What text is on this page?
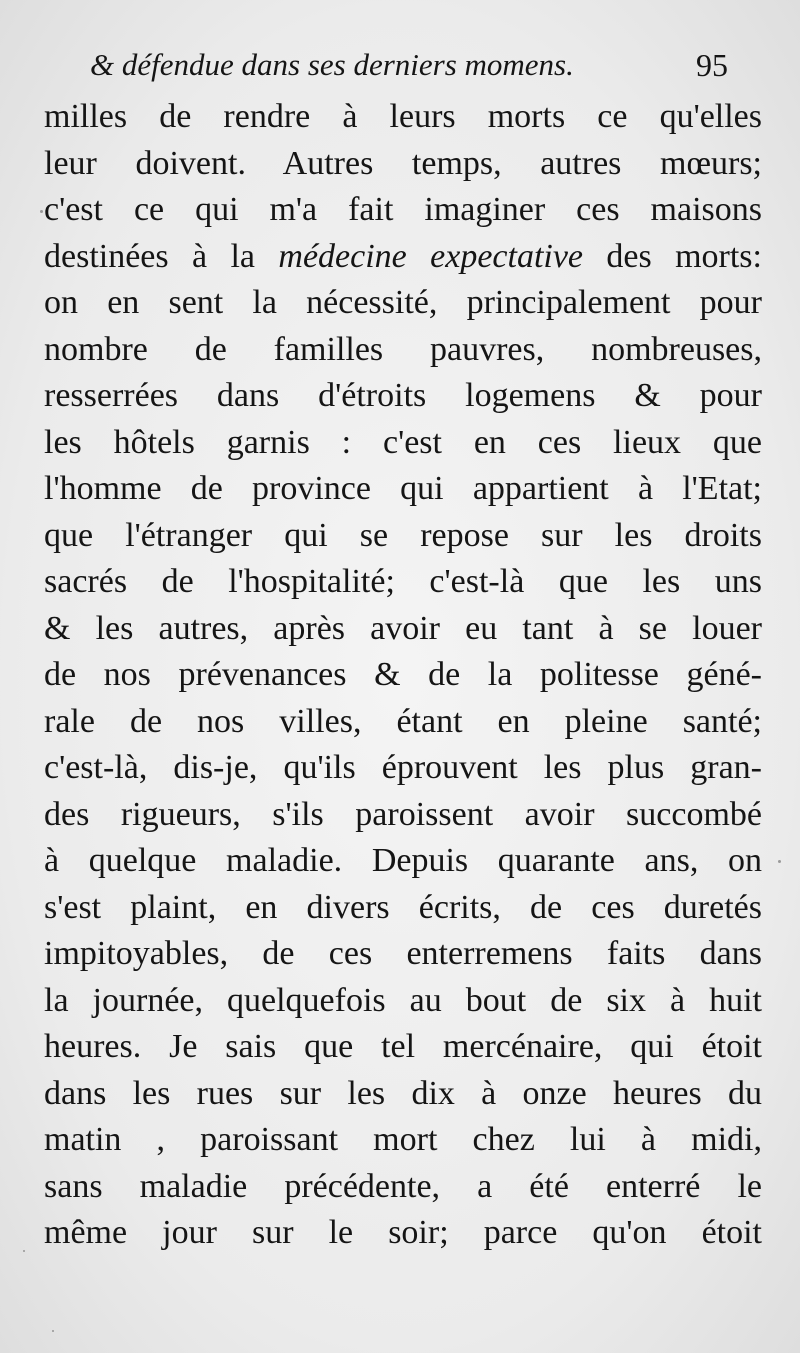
& défendue dans ses derniers momens.	95
milles de rendre à leurs morts ce qu'elles
leur doivent. Autres temps, autres mœurs;
c'est ce qui m'a fait imaginer ces maisons
destinées à la médecine expectative des morts:
on en sent la nécessité, principalement pour
nombre de familles pauvres, nombreuses,
resserrées dans d'étroits logemens & pour
les hôtels garnis : c'est en ces lieux que
l'homme de province qui appartient à l'Etat;
que l'étranger qui se repose sur les droits
sacrés de l'hospitalité; c'est-là que les uns
& les autres, après avoir eu tant à se louer
de nos prévenances & de la politesse géné-
rale de nos villes, étant en pleine santé;
c'est-là, dis-je, qu'ils éprouvent les plus gran-
des rigueurs, s'ils paroissent avoir succombé
à quelque maladie. Depuis quarante ans, on
s'est plaint, en divers écrits, de ces duretés
impitoyables, de ces enterremens faits dans
la journée, quelquefois au bout de six à huit
heures. Je sais que tel mercénaire, qui étoit
dans les rues sur les dix à onze heures du
matin , paroissant mort chez lui à midi,
sans maladie précédente, a été enterré le
même jour sur le soir; parce qu'on étoit
